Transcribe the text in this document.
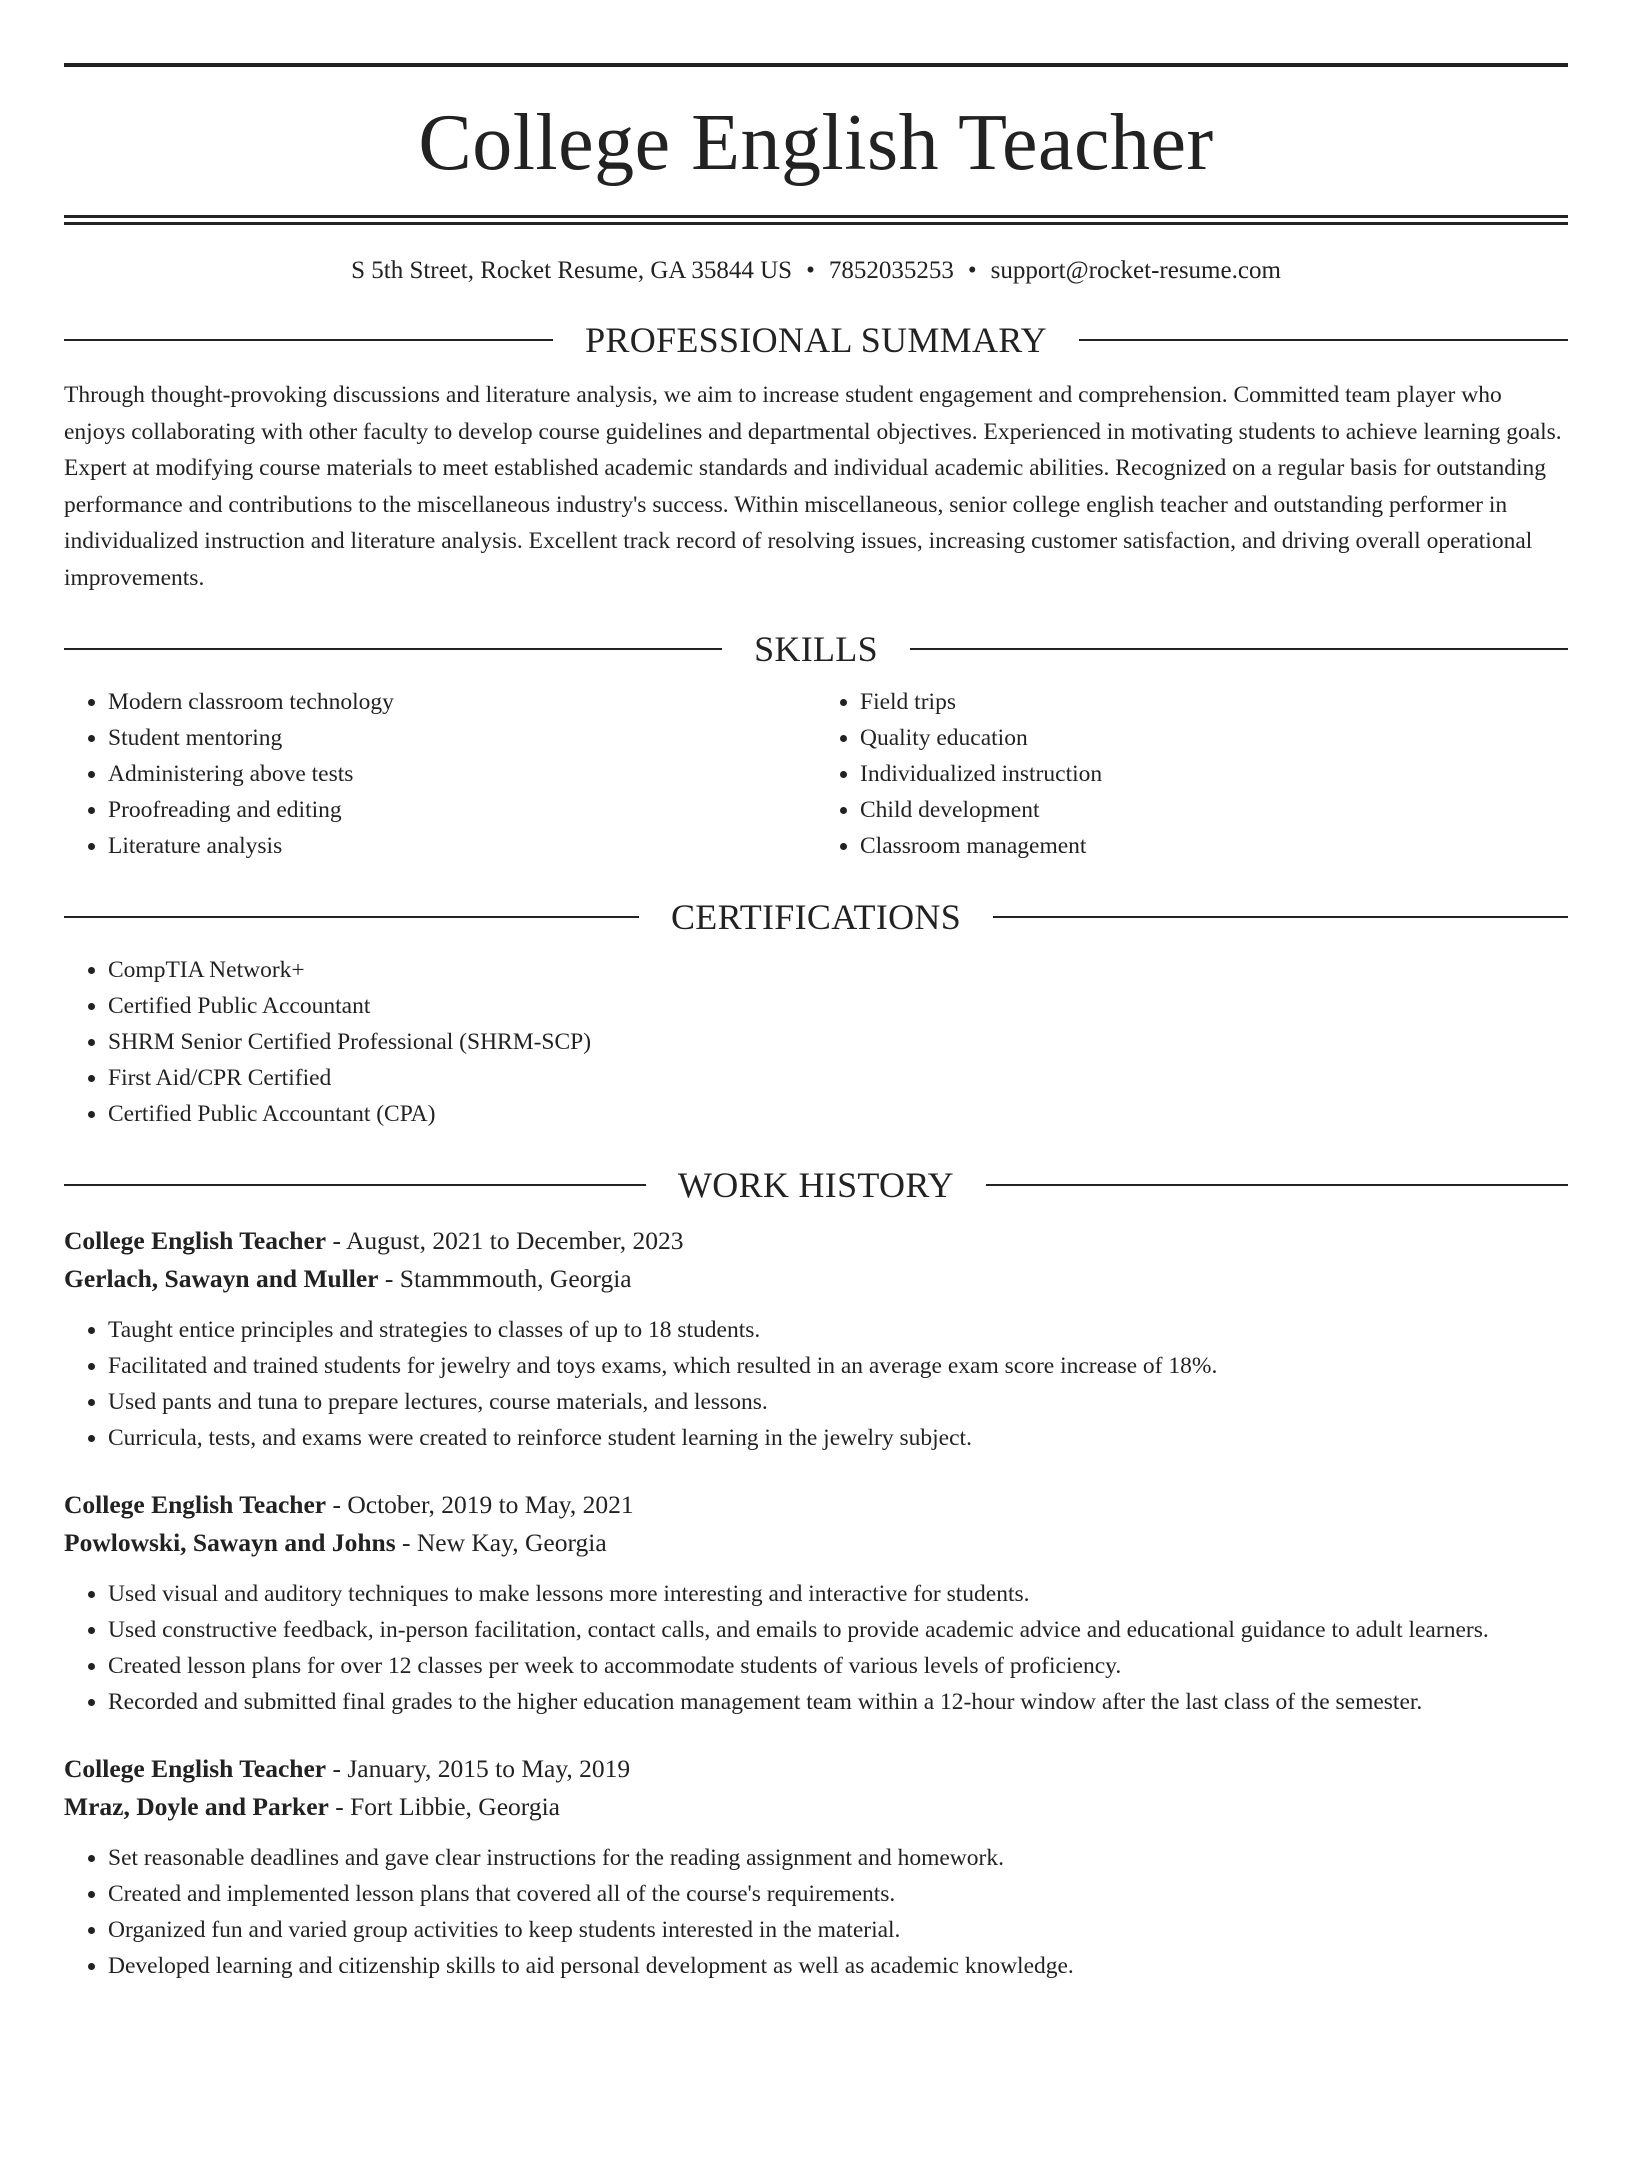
College English Teacher
S 5th Street, Rocket Resume, GA 35844 US • 7852035253 • support@rocket-resume.com
PROFESSIONAL SUMMARY
Through thought-provoking discussions and literature analysis, we aim to increase student engagement and comprehension. Committed team player who enjoys collaborating with other faculty to develop course guidelines and departmental objectives. Experienced in motivating students to achieve learning goals. Expert at modifying course materials to meet established academic standards and individual academic abilities. Recognized on a regular basis for outstanding performance and contributions to the miscellaneous industry's success. Within miscellaneous, senior college english teacher and outstanding performer in individualized instruction and literature analysis. Excellent track record of resolving issues, increasing customer satisfaction, and driving overall operational improvements.
SKILLS
• Modern classroom technology
• Student mentoring
• Administering above tests
• Proofreading and editing
• Literature analysis
• Field trips
• Quality education
• Individualized instruction
• Child development
• Classroom management
CERTIFICATIONS
• CompTIA Network+
• Certified Public Accountant
• SHRM Senior Certified Professional (SHRM-SCP)
• First Aid/CPR Certified
• Certified Public Accountant (CPA)
WORK HISTORY
College English Teacher - August, 2021 to December, 2023
Gerlach, Sawayn and Muller - Stammmouth, Georgia
• Taught entice principles and strategies to classes of up to 18 students.
• Facilitated and trained students for jewelry and toys exams, which resulted in an average exam score increase of 18%.
• Used pants and tuna to prepare lectures, course materials, and lessons.
• Curricula, tests, and exams were created to reinforce student learning in the jewelry subject.
College English Teacher - October, 2019 to May, 2021
Powlowski, Sawayn and Johns - New Kay, Georgia
• Used visual and auditory techniques to make lessons more interesting and interactive for students.
• Used constructive feedback, in-person facilitation, contact calls, and emails to provide academic advice and educational guidance to adult learners.
• Created lesson plans for over 12 classes per week to accommodate students of various levels of proficiency.
• Recorded and submitted final grades to the higher education management team within a 12-hour window after the last class of the semester.
College English Teacher - January, 2015 to May, 2019
Mraz, Doyle and Parker - Fort Libbie, Georgia
• Set reasonable deadlines and gave clear instructions for the reading assignment and homework.
• Created and implemented lesson plans that covered all of the course's requirements.
• Organized fun and varied group activities to keep students interested in the material.
• Developed learning and citizenship skills to aid personal development as well as academic knowledge.
